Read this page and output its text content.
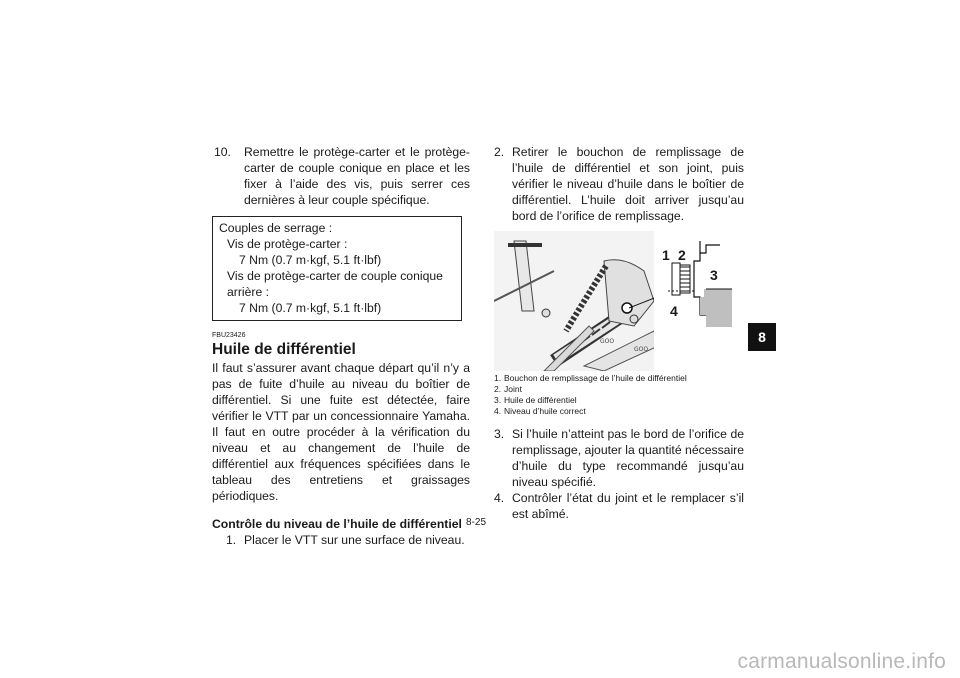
10. Remettre le protège-carter et le protège-carter de couple conique en place et les fixer à l’aide des vis, puis serrer ces dernières à leur couple spécifique.
Couples de serrage :
Vis de protège-carter :
7 Nm (0.7 m·kgf, 5.1 ft·lbf)
Vis de protège-carter de couple conique arrière :
7 Nm (0.7 m·kgf, 5.1 ft·lbf)
FBU23426
Huile de différentiel
Il faut s’assurer avant chaque départ qu’il n’y a pas de fuite d’huile au niveau du boîtier de différentiel. Si une fuite est détectée, faire vérifier le VTT par un concessionnaire Yamaha. Il faut en outre procéder à la vérification du niveau et au changement de l’huile de différentiel aux fréquences spécifiées dans le tableau des entretiens et graissages périodiques.
Contrôle du niveau de l’huile de différentiel
1. Placer le VTT sur une surface de niveau.
2. Retirer le bouchon de remplissage de l’huile de différentiel et son joint, puis vérifier le niveau d’huile dans le boîtier de différentiel. L’huile doit arriver jusqu’au bord de l’orifice de remplissage.
GOO
GOO
1 2
3
4
1. Bouchon de remplissage de l’huile de différentiel
2. Joint
3. Huile de différentiel
4. Niveau d’huile correct
3. Si l’huile n’atteint pas le bord de l’orifice de remplissage, ajouter la quantité nécessaire d’huile du type recommandé jusqu’au niveau spécifié.
4. Contrôler l’état du joint et le remplacer s’il est abîmé.
8
8-25
carmanualsonline.info
